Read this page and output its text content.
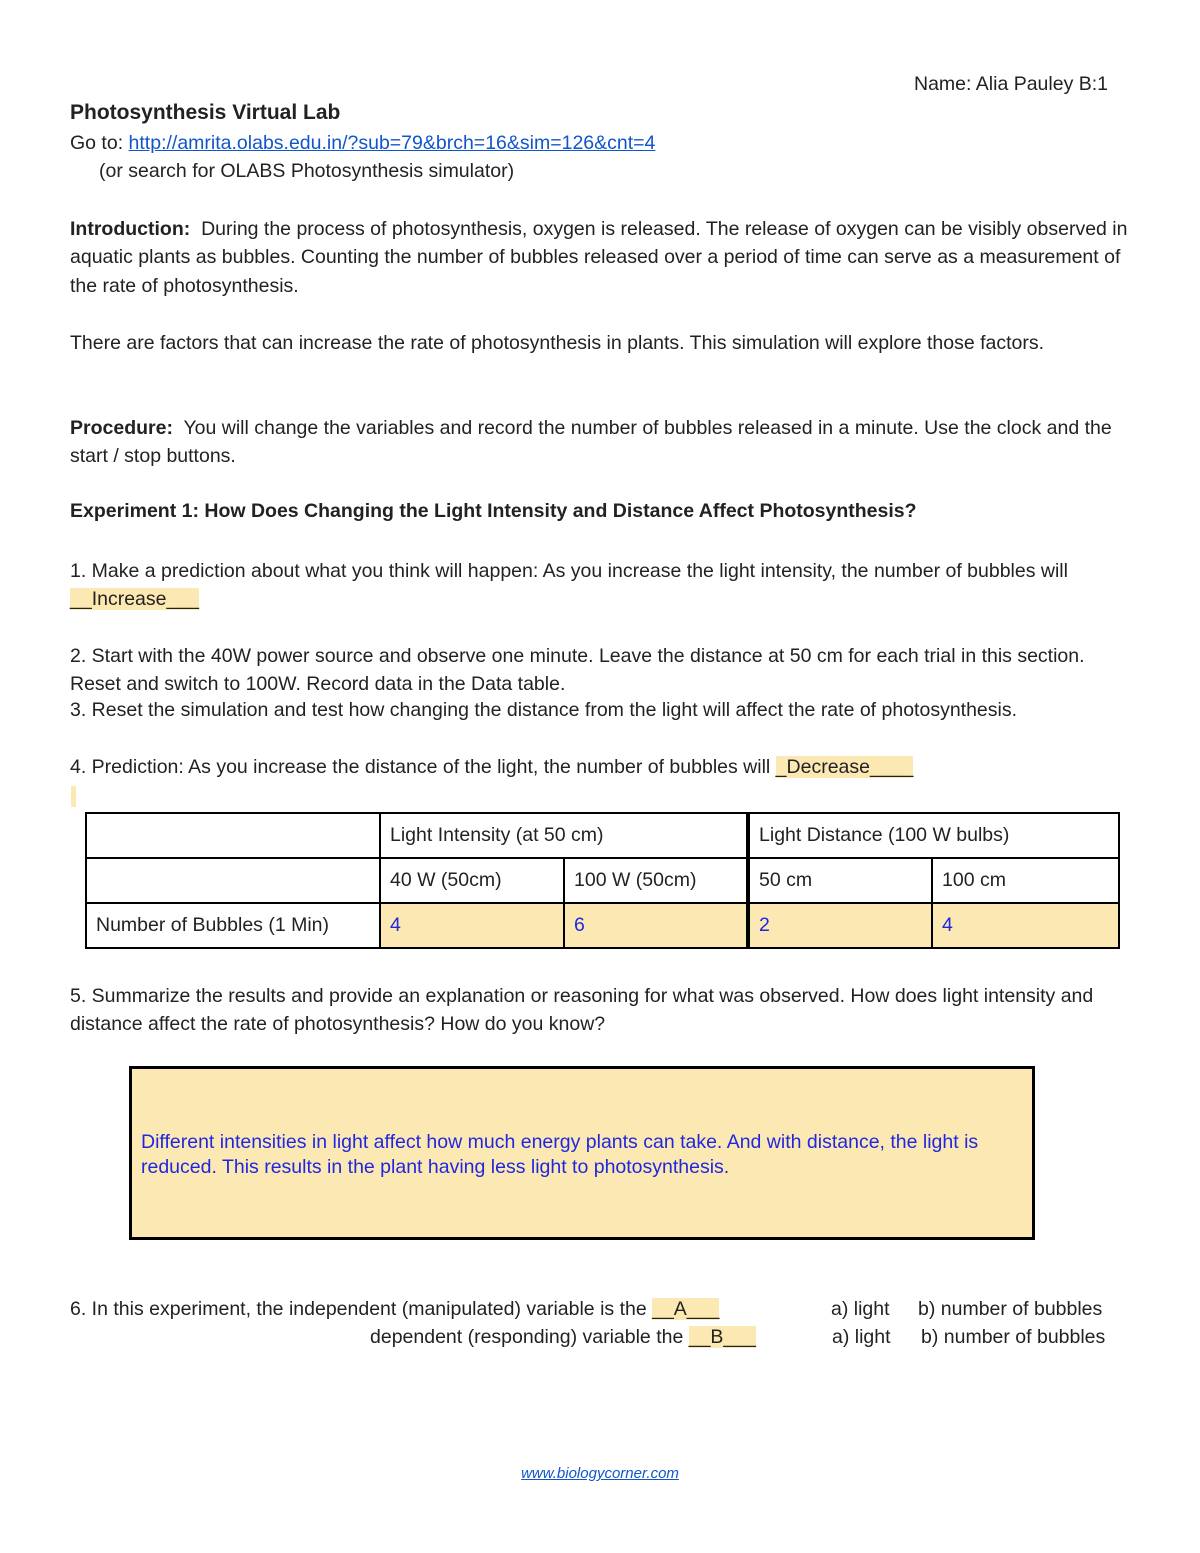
Name: Alia Pauley B:1
Photosynthesis Virtual Lab
Go to: http://amrita.olabs.edu.in/?sub=79&brch=16&sim=126&cnt=4
(or search for OLABS Photosynthesis simulator)
Introduction: During the process of photosynthesis, oxygen is released. The release of oxygen can be visibly observed in aquatic plants as bubbles. Counting the number of bubbles released over a period of time can serve as a measurement of the rate of photosynthesis.
There are factors that can increase the rate of photosynthesis in plants. This simulation will explore those factors.
Procedure: You will change the variables and record the number of bubbles released in a minute. Use the clock and the start / stop buttons.
Experiment 1: How Does Changing the Light Intensity and Distance Affect Photosynthesis?
1. Make a prediction about what you think will happen: As you increase the light intensity, the number of bubbles will __Increase___
2. Start with the 40W power source and observe one minute. Leave the distance at 50 cm for each trial in this section. Reset and switch to 100W. Record data in the Data table.
3. Reset the simulation and test how changing the distance from the light will affect the rate of photosynthesis.
4. Prediction: As you increase the distance of the light, the number of bubbles will _Decrease____
	Light Intensity (at 50 cm)		Light Distance (100 W bulbs)	
	40 W (50cm)	100 W (50cm)	50 cm	100 cm
Number of Bubbles (1 Min)	4	6	2	4
5. Summarize the results and provide an explanation or reasoning for what was observed. How does light intensity and distance affect the rate of photosynthesis? How do you know?
Different intensities in light affect how much energy plants can take. And with distance, the light is reduced. This results in the plant having less light to photosynthesis.
6. In this experiment, the independent (manipulated) variable is the __A___	a) light b) number of bubbles
dependent (responding) variable the __B___	a) light b) number of bubbles
www.biologycorner.com
